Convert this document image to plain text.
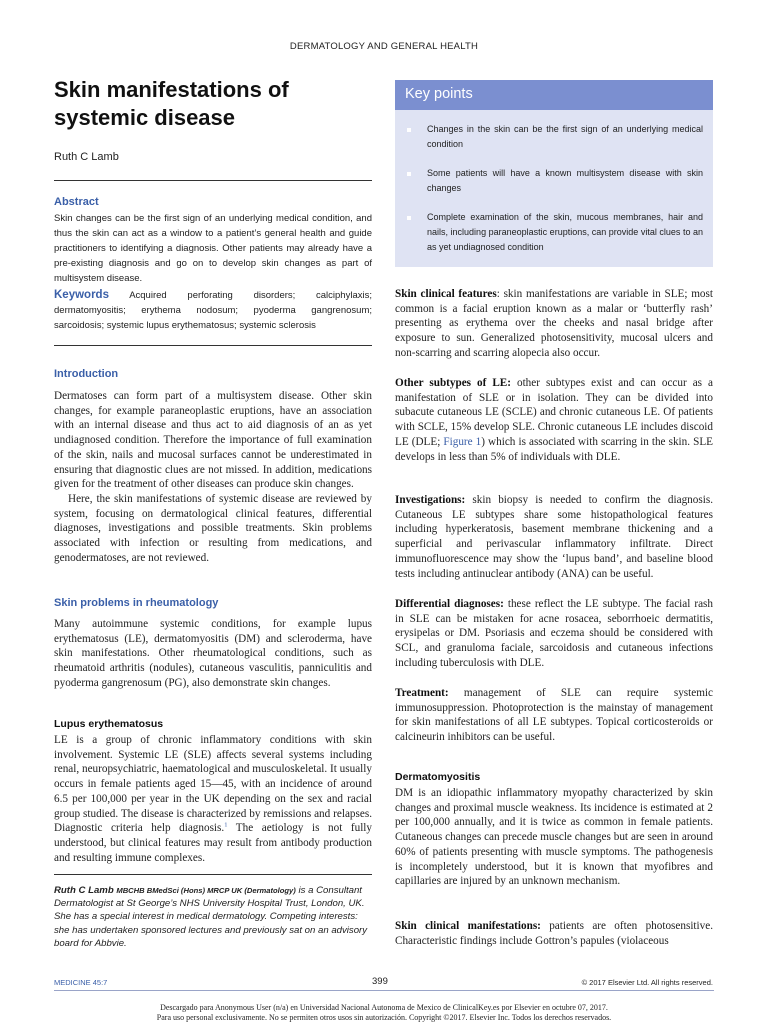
DERMATOLOGY AND GENERAL HEALTH
Skin manifestations of
systemic disease
Ruth C Lamb
Abstract
Skin changes can be the first sign of an underlying medical condition, and thus the skin can act as a window to a patient’s general health and guide practitioners to identifying a diagnosis. Other patients may already have a pre-existing diagnosis and go on to develop skin changes as part of multisystem disease.
Keywords Acquired perforating disorders; calciphylaxis; dermatomyositis; erythema nodosum; pyoderma gangrenosum; sarcoidosis; systemic lupus erythematosus; systemic sclerosis
Introduction

Dermatoses can form part of a multisystem disease. Other skin changes, for example paraneoplastic eruptions, have an association with an internal disease and thus act to aid diagnosis of an as yet undiagnosed condition. Therefore the importance of full examination of the skin, nails and mucosal surfaces cannot be underestimated in ensuring that diagnostic clues are not missed. In addition, medications given for the treatment of other diseases can produce skin changes.

Here, the skin manifestations of systemic disease are reviewed by system, focusing on dermatological clinical features, differential diagnoses, investigations and possible treatments. Skin problems associated with infection or resulting from medications, and genodermatoses, are not reviewed.

Skin problems in rheumatology
Many autoimmune systemic conditions, for example lupus erythematosus (LE), dermatomyositis (DM) and scleroderma, have skin manifestations. Other rheumatological conditions, such as rheumatoid arthritis (nodules), cutaneous vasculitis, panniculitis and pyoderma gangrenosum (PG), also demonstrate skin changes.
Lupus erythematosus
LE is a group of chronic inflammatory conditions with skin involvement. Systemic LE (SLE) affects several systems including renal, neuropsychiatric, haematological and musculoskeletal. It usually occurs in female patients aged 15—45, with an incidence of around 6.5 per 100,000 per year in the UK depending on the sex and racial group studied. The disease is characterized by remissions and relapses. Diagnostic criteria help diagnosis.$^1$ The aetiology is not fully understood, but clinical features may result from antibody production and resulting immune complexes.
Ruth C Lamb MBCHB BMedSci (Hons) MRCP UK (Dermatology) is a Consultant Dermatologist at St George’s NHS University Hospital Trust, London, UK. She has a special interest in medical dermatology. Competing interests: she has undertaken sponsored lectures and previously sat on an advisory board for Abbvie.
Key points
Changes in the skin can be the first sign of an underlying medical condition
Some patients will have a known multisystem disease with skin changes
Complete examination of the skin, mucous membranes, hair and nails, including paraneoplastic eruptions, can provide vital clues to an as yet undiagnosed condition
Skin clinical features: skin manifestations are variable in SLE; most common is a facial eruption known as a malar or ‘butterfly rash’ presenting as erythema over the cheeks and nasal bridge after exposure to sun. Generalized photosensitivity, mucosal ulcers and non-scarring and scarring alopecia also occur.
Other subtypes of LE: other subtypes exist and can occur as a manifestation of SLE or in isolation. They can be divided into subacute cutaneous LE (SCLE) and chronic cutaneous LE. Of patients with SCLE, 15% develop SLE. Chronic cutaneous LE includes discoid LE (DLE; Figure 1) which is associated with scarring in the skin. SLE develops in less than 5% of individuals with DLE.
Investigations: skin biopsy is needed to confirm the diagnosis. Cutaneous LE subtypes share some histopathological features including hyperkeratosis, basement membrane thickening and a superficial and perivascular inflammatory infiltrate. Direct immunofluorescence may show the ‘lupus band’, and baseline blood tests including antinuclear antibody (ANA) can be useful.
Differential diagnoses: these reflect the LE subtype. The facial rash in SLE can be mistaken for acne rosacea, seborrhoeic dermatitis, erysipelas or DM. Psoriasis and eczema should be considered with SCL, and granuloma faciale, sarcoidosis and cutaneous infections including tuberculosis with DLE.
Treatment: management of SLE can require systemic immunosuppression. Photoprotection is the mainstay of management for skin manifestations of all LE subtypes. Topical corticosteroids or calcineurin inhibitors can be useful.
Dermatomyositis
DM is an idiopathic inflammatory myopathy characterized by skin changes and proximal muscle weakness. Its incidence is estimated at 2 per 100,000 annually, and it is twice as common in female patients. Cutaneous changes can precede muscle changes but are seen in around 60% of patients presenting with muscle symptoms. The pathogenesis is incompletely understood, but it is known that myofibres and capillaries are injured by an unknown mechanism.
Skin clinical manifestations: patients are often photosensitive. Characteristic findings include Gottron’s papules (violaceous
MEDICINE 45:7	399	© 2017 Elsevier Ltd. All rights reserved.
Descargado para Anonymous User (n/a) en Universidad Nacional Autonoma de Mexico de ClinicalKey.es por Elsevier en octubre 07, 2017.
Para uso personal exclusivamente. No se permiten otros usos sin autorización. Copyright ©2017. Elsevier Inc. Todos los derechos reservados.
